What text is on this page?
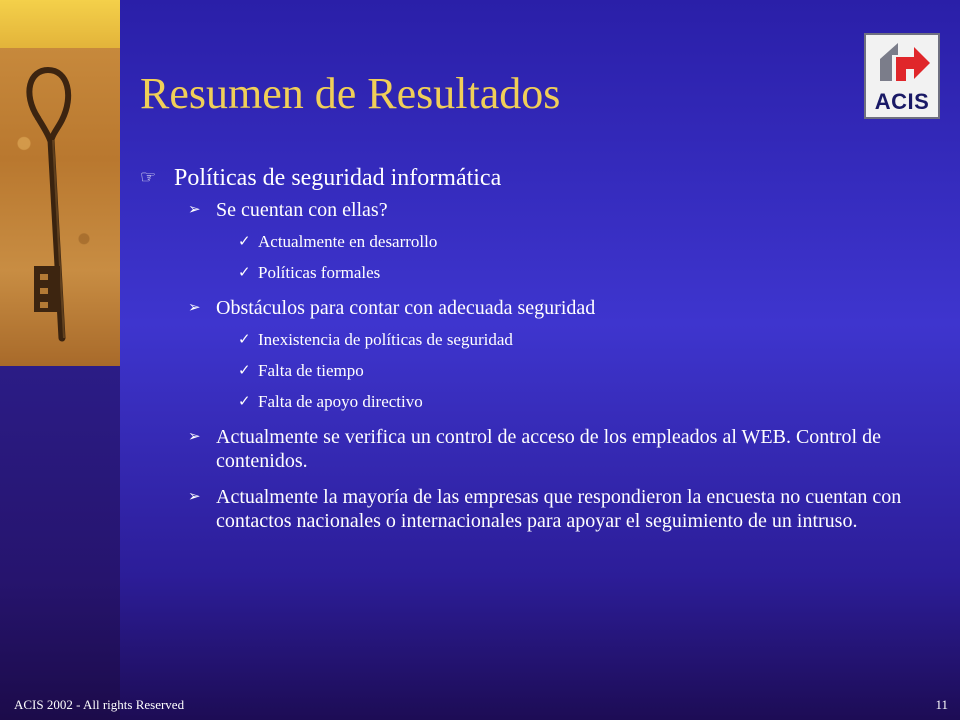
ACIS
Resumen de Resultados
☞ Políticas de seguridad informática
➢ Se cuentan con ellas?
✓ Actualmente en desarrollo
✓ Políticas formales
➢ Obstáculos para contar con adecuada seguridad
✓ Inexistencia de políticas de seguridad
✓ Falta de tiempo
✓ Falta de apoyo directivo
➢ Actualmente se verifica un control de acceso de los empleados al WEB. Control de contenidos.
➢ Actualmente la mayoría de las empresas que respondieron la encuesta no cuentan con contactos nacionales o internacionales para apoyar el seguimiento de un intruso.
ACIS 2002 - All rights Reserved	11
